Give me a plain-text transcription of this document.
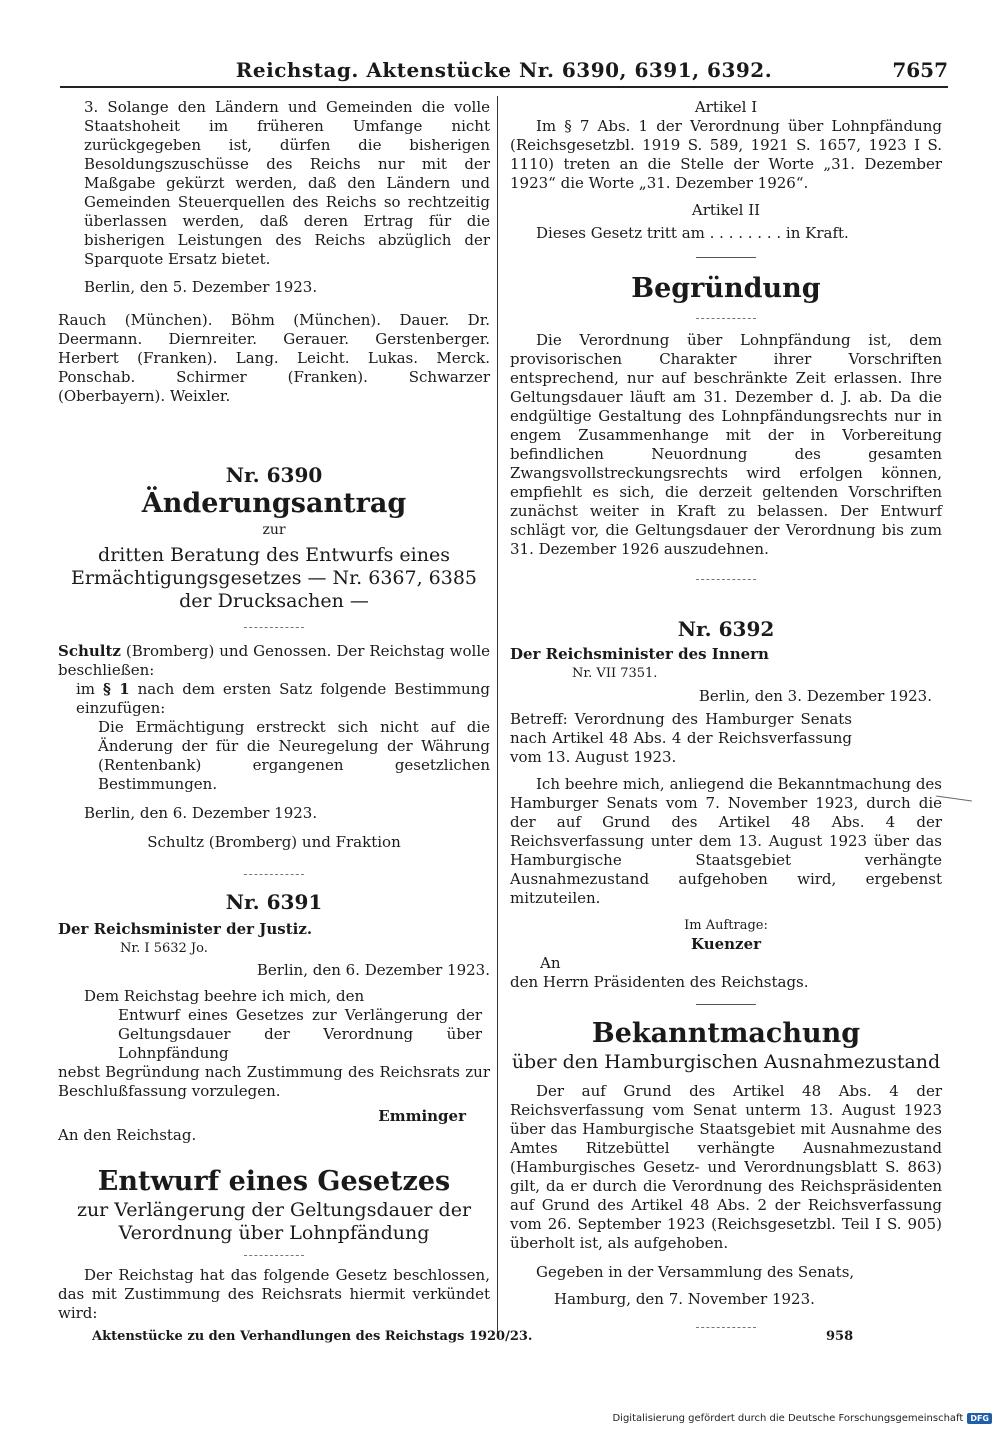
Reichstag. Aktenstücke Nr. 6390, 6391, 6392.	7657

3. Solange den Ländern und Gemeinden die volle Staatshoheit im früheren Umfange nicht zurückgegeben ist, dürfen die bisherigen Besoldungszuschüsse des Reichs nur mit der Maßgabe gekürzt werden, daß den Ländern und Gemeinden Steuerquellen des Reichs so rechtzeitig überlassen werden, daß deren Ertrag für die bisherigen Leistungen des Reichs abzüglich der Sparquote Ersatz bietet.

Berlin, den 5. Dezember 1923.

Rauch (München). Böhm (München). Dauer. Dr. Deermann. Diernreiter. Gerauer. Gerstenberger. Herbert (Franken). Lang. Leicht. Lukas. Merck. Ponschab. Schirmer (Franken). Schwarzer (Oberbayern). Weixler.

Nr. 6390

Änderungsantrag

zur

dritten Beratung des Entwurfs eines Ermächtigungsgesetzes — Nr. 6367, 6385 der Drucksachen —

Schultz (Bromberg) und Genossen. Der Reichstag wolle beschließen:

im § 1 nach dem ersten Satz folgende Bestimmung einzufügen:

Die Ermächtigung erstreckt sich nicht auf die Änderung der für die Neuregelung der Währung (Rentenbank) ergangenen gesetzlichen Bestimmungen.

Berlin, den 6. Dezember 1923.

Schultz (Bromberg) und Fraktion

Nr. 6391

Der Reichsminister der Justiz.

Nr. I 5632 Jo.

Berlin, den 6. Dezember 1923.

Dem Reichstag beehre ich mich, den

Entwurf eines Gesetzes zur Verlängerung der Geltungsdauer der Verordnung über Lohnpfändung

nebst Begründung nach Zustimmung des Reichsrats zur Beschlußfassung vorzulegen.

Emminger

An den Reichstag.

Entwurf eines Gesetzes

zur Verlängerung der Geltungsdauer der Verordnung über Lohnpfändung

Der Reichstag hat das folgende Gesetz beschlossen, das mit Zustimmung des Reichsrats hiermit verkündet wird:

Artikel I

Im § 7 Abs. 1 der Verordnung über Lohnpfändung (Reichsgesetzbl. 1919 S. 589, 1921 S. 1657, 1923 I S. 1110) treten an die Stelle der Worte „31. Dezember 1923“ die Worte „31. Dezember 1926“.

Artikel II

Dieses Gesetz tritt am . . . . . . . . in Kraft.

Begründung

Die Verordnung über Lohnpfändung ist, dem provisorischen Charakter ihrer Vorschriften entsprechend, nur auf beschränkte Zeit erlassen. Ihre Geltungsdauer läuft am 31. Dezember d. J. ab. Da die endgültige Gestaltung des Lohnpfändungsrechts nur in engem Zusammenhange mit der in Vorbereitung befindlichen Neuordnung des gesamten Zwangsvollstreckungsrechts wird erfolgen können, empfiehlt es sich, die derzeit geltenden Vorschriften zunächst weiter in Kraft zu belassen. Der Entwurf schlägt vor, die Geltungsdauer der Verordnung bis zum 31. Dezember 1926 auszudehnen.

Nr. 6392

Der Reichsminister des Innern

Nr. VII 7351.

Berlin, den 3. Dezember 1923.

Betreff: Verordnung des Hamburger Senats nach Artikel 48 Abs. 4 der Reichsverfassung vom 13. August 1923.

Ich beehre mich, anliegend die Bekanntmachung des Hamburger Senats vom 7. November 1923, durch die der auf Grund des Artikel 48 Abs. 4 der Reichsverfassung unter dem 13. August 1923 über das Hamburgische Staatsgebiet verhängte Ausnahmezustand aufgehoben wird, ergebenst mitzuteilen.

Im Auftrage:

Kuenzer

An

den Herrn Präsidenten des Reichstags.

Bekanntmachung

über den Hamburgischen Ausnahmezustand

Der auf Grund des Artikel 48 Abs. 4 der Reichsverfassung vom Senat unterm 13. August 1923 über das Hamburgische Staatsgebiet mit Ausnahme des Amtes Ritzebüttel verhängte Ausnahmezustand (Hamburgisches Gesetz- und Verordnungsblatt S. 863) gilt, da er durch die Verordnung des Reichspräsidenten auf Grund des Artikel 48 Abs. 2 der Reichsverfassung vom 26. September 1923 (Reichsgesetzbl. Teil I S. 905) überholt ist, als aufgehoben.

Gegeben in der Versammlung des Senats,

Hamburg, den 7. November 1923.

Aktenstücke zu den Verhandlungen des Reichstags 1920/23.	958
Digitalisierung gefördert durch die Deutsche Forschungsgemeinschaft DFG
